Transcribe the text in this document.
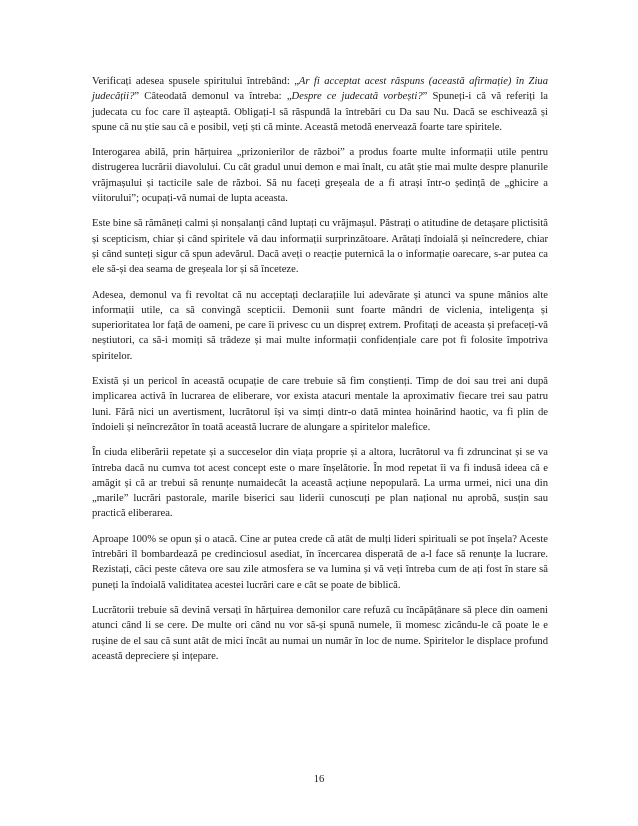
Verificați adesea spusele spiritului întrebând: „Ar fi acceptat acest răspuns (această afirmație) în Ziua judecății?” Câteodată demonul va întreba: „Despre ce judecată vorbești?” Spuneți-i că vă referiți la judecata cu foc care îl așteaptă. Obligați-l să răspundă la întrebări cu Da sau Nu. Dacă se eschivează și spune că nu știe sau că e posibil, veți ști că minte. Această metodă enervează foarte tare spiritele.

Interogarea abilă, prin hărțuirea „prizonierilor de război” a produs foarte multe informații utile pentru distrugerea lucrării diavolului. Cu cât gradul unui demon e mai înalt, cu atât știe mai multe despre planurile vrăjmașului și tacticile sale de război. Să nu faceți greșeala de a fi atrași într-o ședință de „ghicire a viitorului”; ocupați-vă numai de lupta aceasta.

Este bine să rămâneți calmi și nonșalanți când luptați cu vrăjmașul. Păstrați o atitudine de detașare plictisită și scepticism, chiar și când spiritele vă dau informații surprinzătoare. Arătați îndoială și neîncredere, chiar și când sunteți sigur că spun adevărul. Dacă aveți o reacție puternică la o informație oarecare, s-ar putea ca ele să-și dea seama de greșeala lor și să înceteze.

Adesea, demonul va fi revoltat că nu acceptați declarațiile lui adevărate și atunci va spune mânios alte informații utile, ca să convingă scepticii. Demonii sunt foarte mândri de viclenia, inteligența și superioritatea lor față de oameni, pe care îi privesc cu un dispreț extrem. Profitați de aceasta și prefaceți-vă neștiutori, ca să-i momiți să trădeze și mai multe informații confidențiale care pot fi folosite împotriva spiritelor.

Există și un pericol în această ocupație de care trebuie să fim conștienți. Timp de doi sau trei ani după implicarea activă în lucrarea de eliberare, vor exista atacuri mentale la aproximativ fiecare trei sau patru luni. Fără nici un avertisment, lucrătorul își va simți dintr-o dată mintea hoinărind haotic, va fi plin de îndoieli și neîncrezător în toată această lucrare de alungare a spiritelor malefice.

În ciuda eliberării repetate și a succeselor din viața proprie și a altora, lucrătorul va fi zdruncinat și se va întreba dacă nu cumva tot acest concept este o mare înșelătorie. În mod repetat îi va fi indusă ideea că e amăgit și că ar trebui să renunțe numaidecât la această acțiune nepopulară. La urma urmei, nici una din „marile” lucrări pastorale, marile biserici sau liderii cunoscuți pe plan național nu aprobă, susțin sau practică eliberarea.

Aproape 100% se opun și o atacă. Cine ar putea crede că atât de mulți lideri spirituali se pot înșela? Aceste întrebări îl bombardează pe credinciosul asediat, în încercarea disperată de a-l face să renunțe la lucrare. Rezistați, căci peste câteva ore sau zile atmosfera se va lumina și vă veți întreba cum de ați fost în stare să puneți la îndoială validitatea acestei lucrări care e cât se poate de biblică.

Lucrătorii trebuie să devină versați în hărțuirea demonilor care refuză cu încăpățânare să plece din oameni atunci când li se cere. De multe ori când nu vor să-și spună numele, îi momesc zicându-le că poate le e rușine de el sau că sunt atât de mici încât au numai un număr în loc de nume. Spiritelor le displace profund această depreciere și ințepare.

16
